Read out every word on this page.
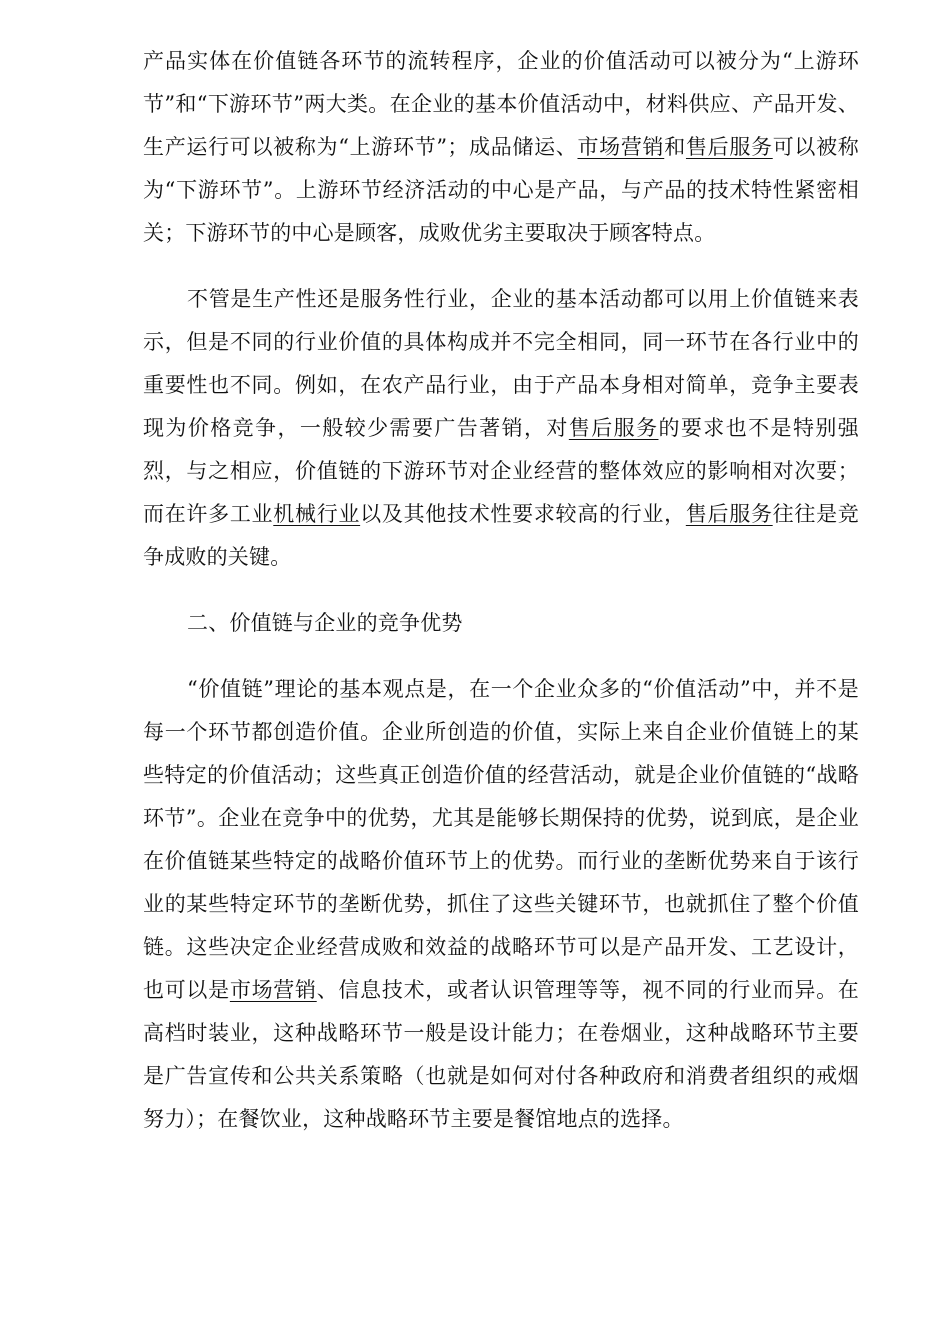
产品实体在价值链各环节的流转程序，企业的价值活动可以被分为“上游环节”和“下游环节”两大类。在企业的基本价值活动中，材料供应、产品开发、生产运行可以被称为“上游环节”；成品储运、市场营销和售后服务可以被称为“下游环节”。上游环节经济活动的中心是产品，与产品的技术特性紧密相关；下游环节的中心是顾客，成败优劣主要取决于顾客特点。

不管是生产性还是服务性行业，企业的基本活动都可以用上价值链来表示，但是不同的行业价值的具体构成并不完全相同，同一环节在各行业中的重要性也不同。例如，在农产品行业，由于产品本身相对简单，竞争主要表现为价格竞争，一般较少需要广告著销，对售后服务的要求也不是特别强烈，与之相应，价值链的下游环节对企业经营的整体效应的影响相对次要；而在许多工业机械行业以及其他技术性要求较高的行业，售后服务往往是竞争成败的关键。

二、价值链与企业的竞争优势

“价值链”理论的基本观点是，在一个企业众多的“价值活动”中，并不是每一个环节都创造价值。企业所创造的价值，实际上来自企业价值链上的某些特定的价值活动；这些真正创造价值的经营活动，就是企业价值链的“战略环节”。企业在竞争中的优势，尤其是能够长期保持的优势，说到底，是企业在价值链某些特定的战略价值环节上的优势。而行业的垄断优势来自于该行业的某些特定环节的垄断优势，抓住了这些关键环节，也就抓住了整个价值链。这些决定企业经营成败和效益的战略环节可以是产品开发、工艺设计，也可以是市场营销、信息技术，或者认识管理等等，视不同的行业而异。在高档时装业，这种战略环节一般是设计能力；在卷烟业，这种战略环节主要是广告宣传和公共关系策略（也就是如何对付各种政府和消费者组织的戒烟努力）；在餐饮业，这种战略环节主要是餐馆地点的选择。
